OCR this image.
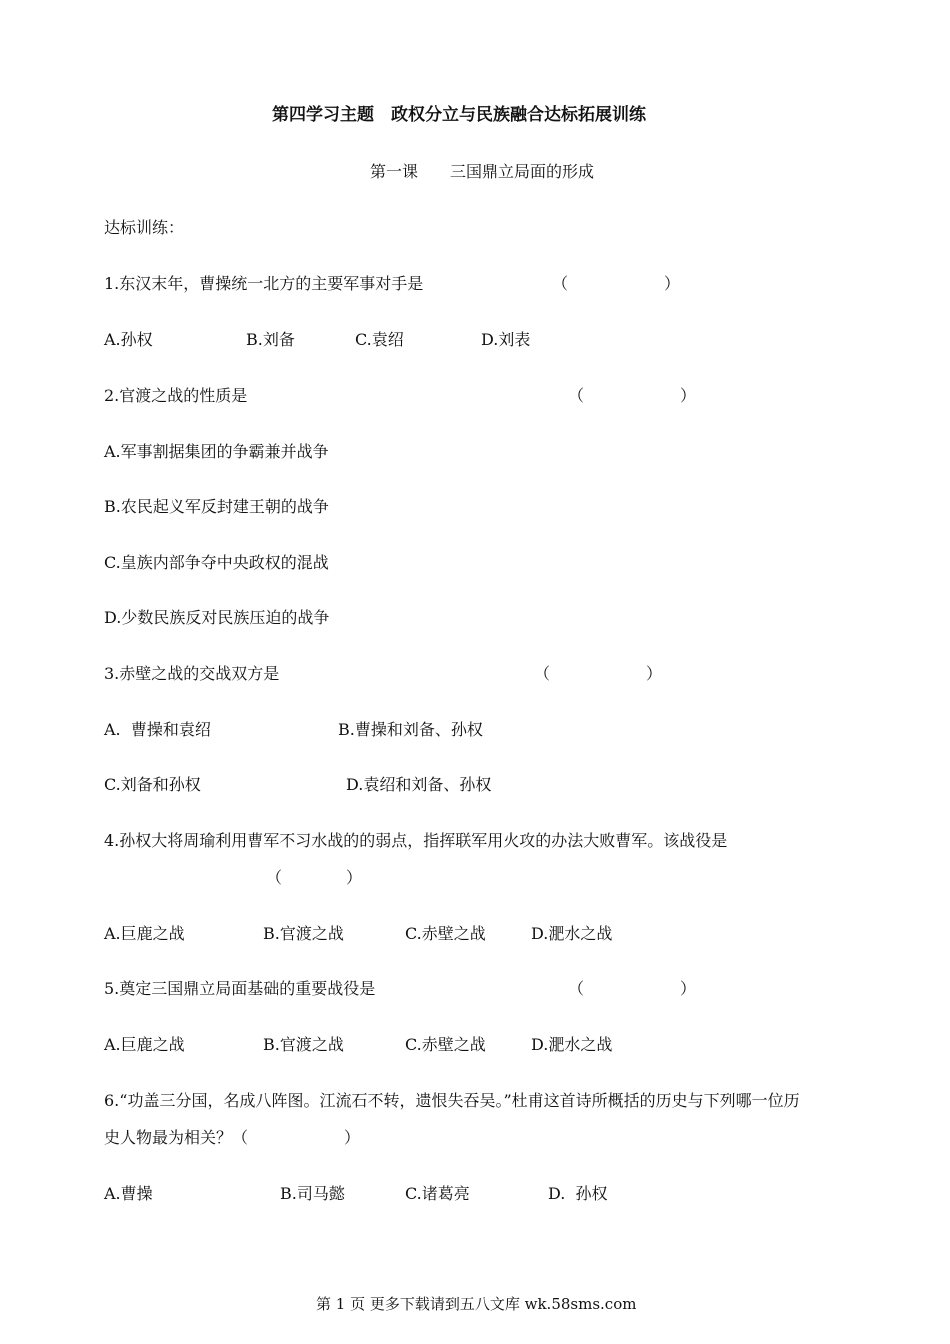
第四学习主题　政权分立与民族融合达标拓展训练
第一课　　三国鼎立局面的形成
达标训练：
1.东汉末年，曹操统一北方的主要军事对手是	（　　　　　　）
A.孙权	B.刘备	C.袁绍	D.刘表
2.官渡之战的性质是	（　　　　　　）
A.军事割据集团的争霸兼并战争
B.农民起义军反封建王朝的战争
C.皇族内部争夺中央政权的混战
D.少数民族反对民族压迫的战争
3.赤壁之战的交战双方是	（　　　　　　）
A.  曹操和袁绍	B.曹操和刘备、孙权
C.刘备和孙权	D.袁绍和刘备、孙权
4.孙权大将周瑜利用曹军不习水战的的弱点，指挥联军用火攻的办法大败曹军。该战役是
（　　　　）
A.巨鹿之战	B.官渡之战	C.赤壁之战	D.淝水之战
5.奠定三国鼎立局面基础的重要战役是	（　　　　　　）
A.巨鹿之战	B.官渡之战	C.赤壁之战	D.淝水之战
6.“功盖三分国，名成八阵图。江流石不转，遗恨失吞吴。”杜甫这首诗所概括的历史与下列哪一位历
史人物最为相关？（　　　　　　）
A.曹操	B.司马懿	C.诸葛亮	D.  孙权
第 1 页 更多下载请到五八文库 wk.58sms.com
